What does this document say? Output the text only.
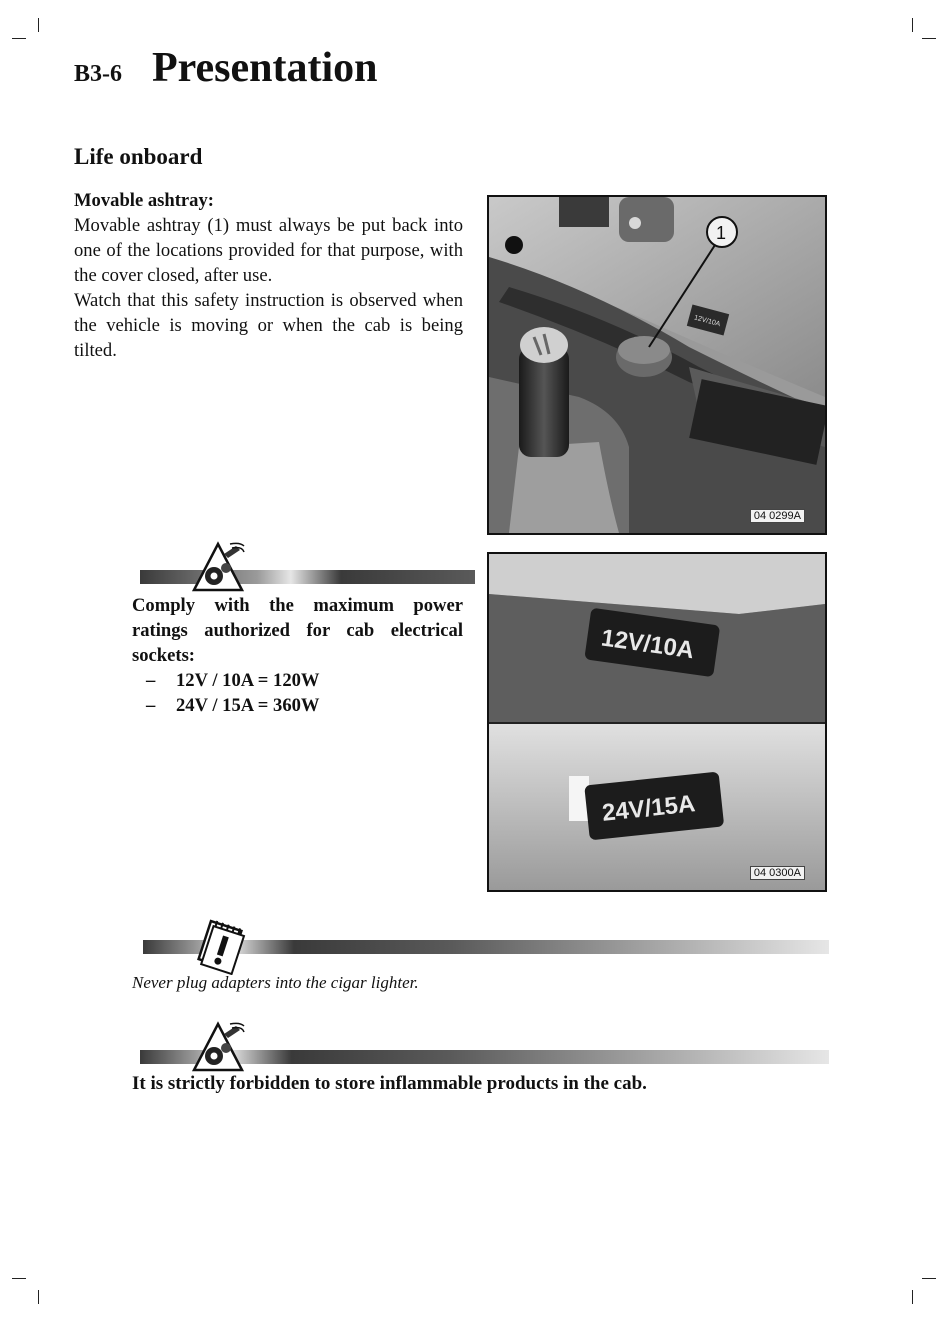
B3-6 Presentation
Life onboard
Movable ashtray:
Movable ashtray (1) must always be put back into one of the locations provided for that purpose, with the cover closed, after use.
Watch that this safety instruction is observed when the vehicle is moving or when the cab is being tilted.
12V/10A
1
04 0299A
12V/10A
24V/15A
04 0300A
Comply with the maximum power ratings authorized for cab electrical sockets:
– 12V / 10A = 120W
– 24V / 15A = 360W
Never plug adapters into the cigar lighter.
It is strictly forbidden to store inflammable products in the cab.
